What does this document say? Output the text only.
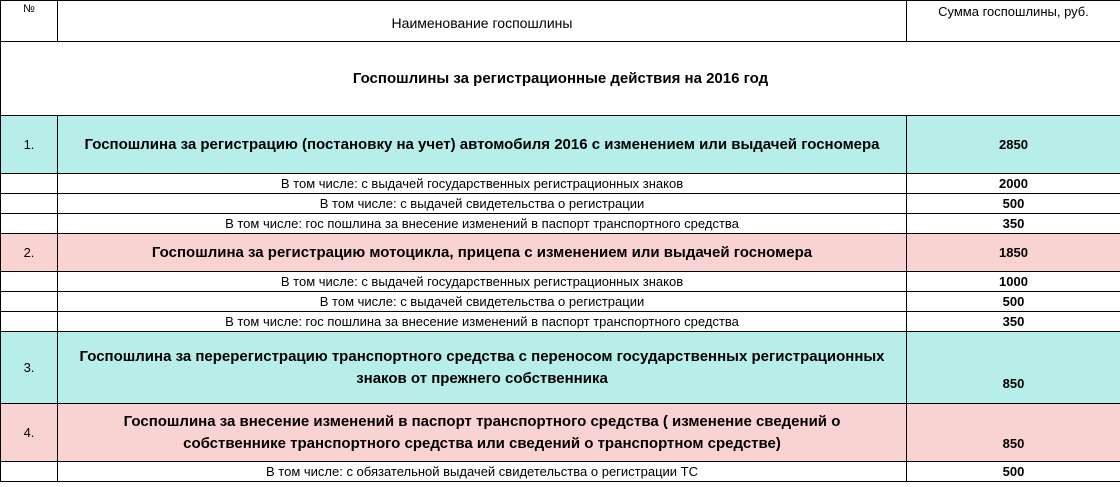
№	Наименование госпошлины	Сумма госпошлины, руб.
Госпошлины за регистрационные действия на 2016 год		
1.	Госпошлина за регистрацию (постановку на учет) автомобиля 2016 с изменением или выдачей госномера	2850
	В том числе: с выдачей государственных регистрационных знаков	2000
	В том числе: с выдачей свидетельства о регистрации	500
	В том числе: гос пошлина за внесение изменений в паспорт транспортного средства	350
2.	Госпошлина за регистрацию мотоцикла, прицепа с изменением или выдачей госномера	1850
	В том числе: с выдачей государственных регистрационных знаков	1000
	В том числе: с выдачей свидетельства о регистрации	500
	В том числе: гос пошлина за внесение изменений в паспорт транспортного средства	350
3.	Госпошлина за перерегистрацию транспортного средства с переносом государственных регистрационных знаков от прежнего собственника	850
4.	Госпошлина за внесение изменений в паспорт транспортного средства ( изменение сведений о собственнике транспортного средства или сведений о транспортном средстве)	850
	В том числе: с обязательной выдачей свидетельства о регистрации ТС	500
